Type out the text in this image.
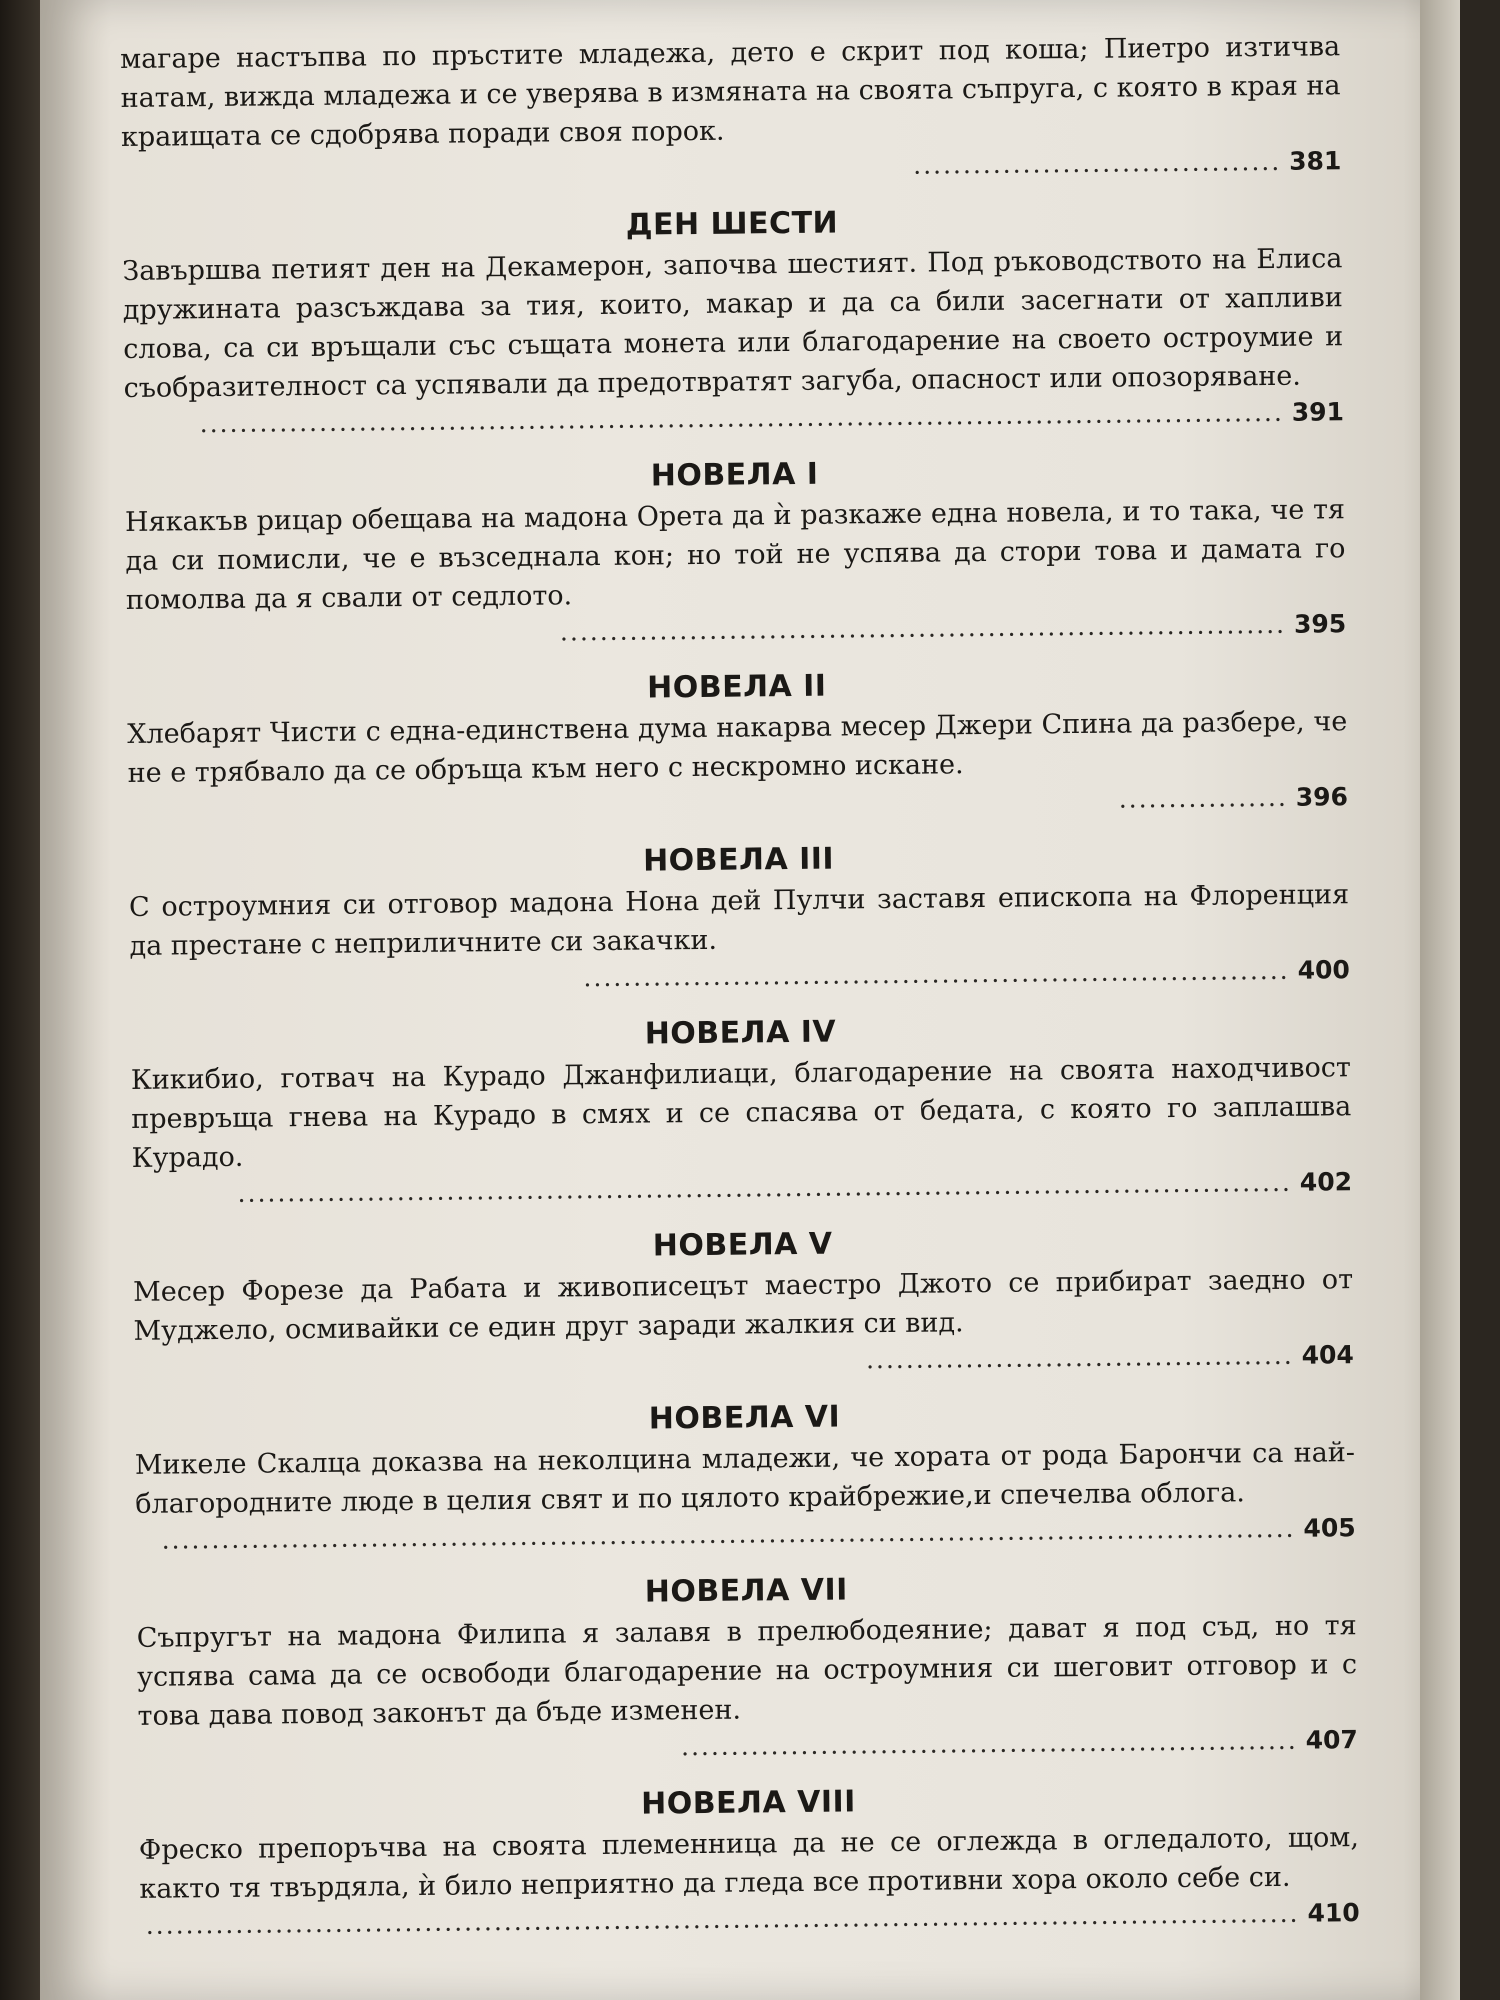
магаре настъпва по пръстите младежа, дето е скрит под коша; Пиетро изтичва натам, вижда младежа и се уверява в измяната на своята съпруга, с която в края на краищата се сдобрява поради своя порок.

..................................... 381
ДЕН ШЕСТИ

Завършва петият ден на Декамерон, започва шестият. Под ръководството на Елиса дружината разсъждава за тия, които, макар и да са били засегнати от хапливи слова, са си връщали със същата монета или благодарение на своето остроумие и съобразителност са успявали да предотвратят загуба, опасност или опозоряване.

............................................................................................................. 391
НОВЕЛА I

Някакъв рицар обещава на мадона Орета да ѝ разкаже една новела, и то така, че тя да си помисли, че е възседнала кон; но той не успява да стори това и дамата го помолва да я свали от седлото.

......................................................................... 395
НОВЕЛА II

Хлебарят Чисти с една-единствена дума накарва месер Джери Спина да разбере, че не е трябвало да се обръща към него с нескромно искане.

................. 396
НОВЕЛА III

С остроумния си отговор мадона Нона дей Пулчи заставя епископа на Флоренция да престане с неприличните си закачки.

....................................................................... 400
НОВЕЛА IV

Кикибио, готвач на Курадо Джанфилиаци, благодарение на своята находчивост превръща гнева на Курадо в смях и се спасява от бедата, с която го заплашва Курадо.

.......................................................................................................... 402
НОВЕЛА V

Месер Форезе да Рабата и живописецът маестро Джото се прибират заедно от Муджело, осмивайки се един друг заради жалкия си вид.

........................................... 404
НОВЕЛА VI

Микеле Скалца доказва на неколцина младежи, че хората от рода Барончи са най-благородните люде в целия свят и по цялото крайбрежие,и спечелва облога.

.................................................................................................................. 405
НОВЕЛА VII

Съпругът на мадона Филипа я залавя в прелюбодеяние; дават я под съд, но тя успява сама да се освободи благодарение на остроумния си шеговит отговор и с това дава повод законът да бъде изменен.

.............................................................. 407
НОВЕЛА VIII

Фреско препоръчва на своята племенница да не се оглежда в огледалото, щом, както тя твърдяла, ѝ било неприятно да гледа все противни хора около себе си.

.................................................................................................................... 410
